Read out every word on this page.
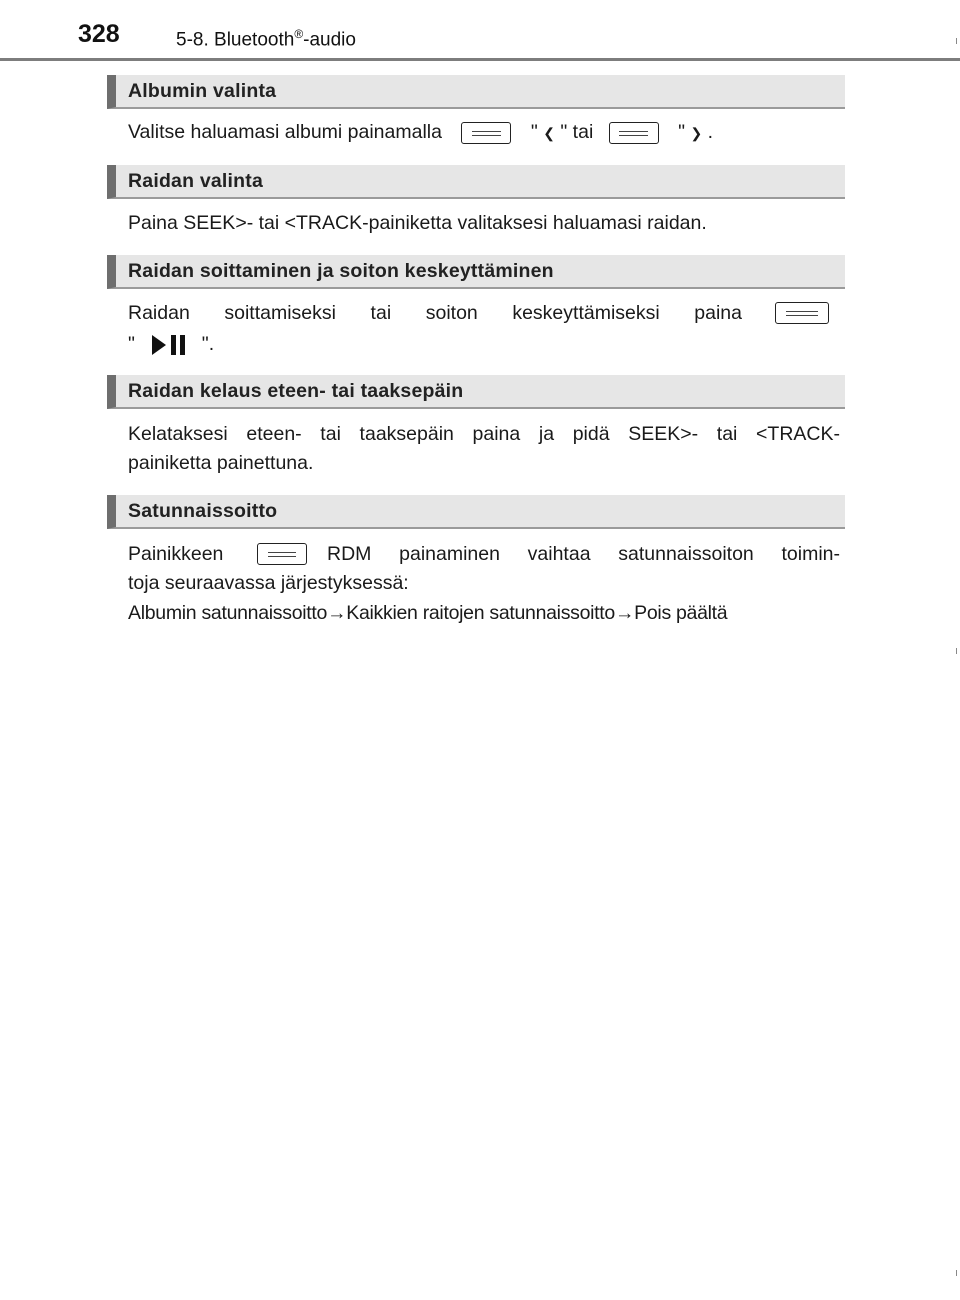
328	5-8. Bluetooth®-audio
Albumin valinta
Valitse haluamasi albumi painamalla	" ❮ " tai	" ❯ .
Raidan valinta
Paina SEEK>- tai <TRACK-painiketta valitaksesi haluamasi raidan.
Raidan soittaminen ja soiton keskeyttäminen
Raidan soittamiseksi tai soiton keskeyttämiseksi paina
"	".
Raidan kelaus eteen- tai taaksepäin
Kelataksesi eteen- tai taaksepäin paina ja pidä SEEK>- tai <TRACK-
painiketta painettuna.
Satunnaissoitto
Painikkeen	RDM painaminen vaihtaa satunnaissoiton toimin-
toja seuraavassa järjestyksessä:
Albumin satunnaissoitto→Kaikkien raitojen satunnaissoitto→Pois päältä
